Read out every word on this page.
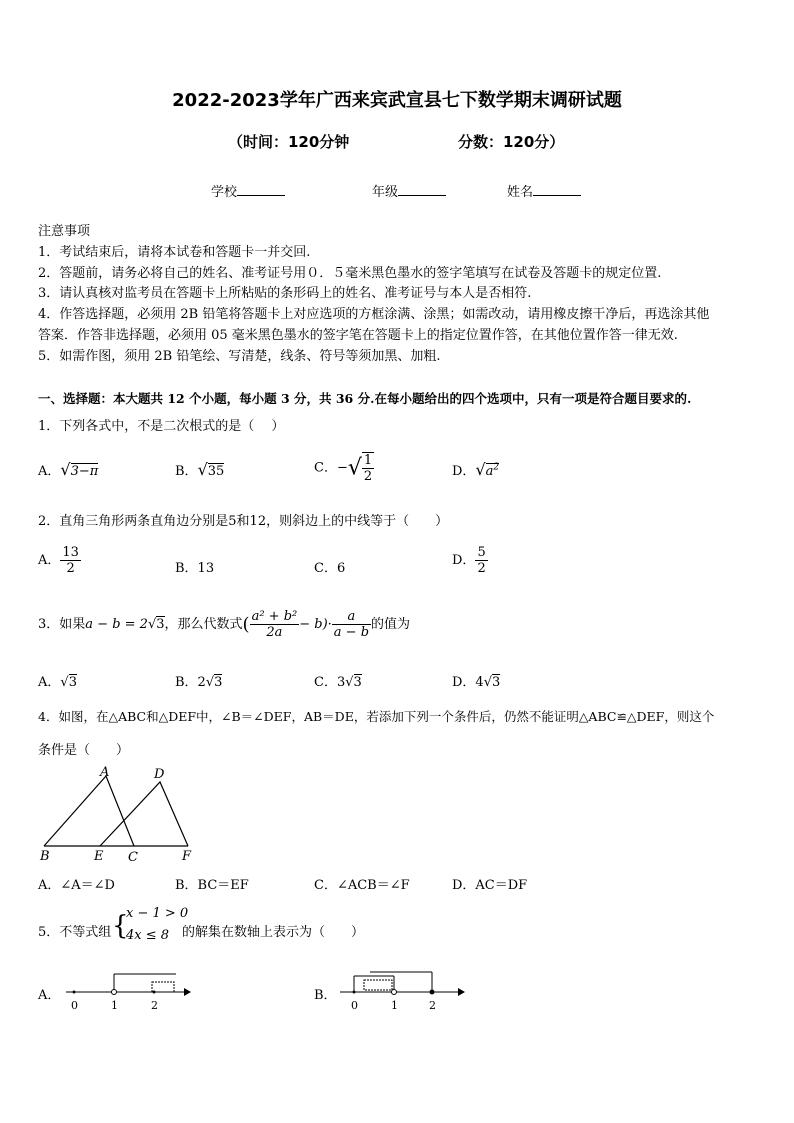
2022-2023学年广西来宾武宣县七下数学期末调研试题
（时间：120分钟	分数：120分）
学校	年级	姓名
注意事项
1．考试结束后，请将本试卷和答题卡一并交回.
2．答题前，请务必将自己的姓名、准考证号用０．５毫米黑色墨水的签字笔填写在试卷及答题卡的规定位置.
3．请认真核对监考员在答题卡上所粘贴的条形码上的姓名、准考证号与本人是否相符.
4．作答选择题，必须用 2B 铅笔将答题卡上对应选项的方框涂满、涂黑；如需改动，请用橡皮擦干净后，再选涂其他
答案．作答非选择题，必须用 05 毫米黑色墨水的签字笔在答题卡上的指定位置作答，在其他位置作答一律无效.
5．如需作图，须用 2B 铅笔绘、写清楚，线条、符号等须加黑、加粗.
一、选择题：本大题共 12 个小题，每小题 3 分，共 36 分.在每小题给出的四个选项中，只有一项是符合题目要求的.
1．下列各式中，不是二次根式的是（　 ）
A．√3−π	B．√35	C．−√ $\frac{1}{2}$	D．$√a^2$
2．直角三角形两条直角边分别是5和12，则斜边上的中线等于（　　）
A． $\frac{13}{2}$	B．13	C．6
D． $\frac{5}{2}$
3．如果a − b = 2√3，那么代数式( $\frac{\text{a² + b²}}{2a} - b)\cdot \frac{a}{a - b}$ 的值为
A．√3	B．2√3	C．3√3	D．4√3
4．如图，在△ABC和△DEF中，∠B＝∠DEF，AB＝DE，若添加下列一个条件后，仍然不能证明△ABC≌△DEF，则这个
条件是（　　）
A	D
B	E C	F
A．∠A＝∠D	B．BC＝EF	C．∠ACB＝∠F	D．AC＝DF
5．不等式组 {
x − 1 > 0
4x ≤ 8 的解集在数轴上表示为（　　）
A．
0	1	2
B．
0	1	2
